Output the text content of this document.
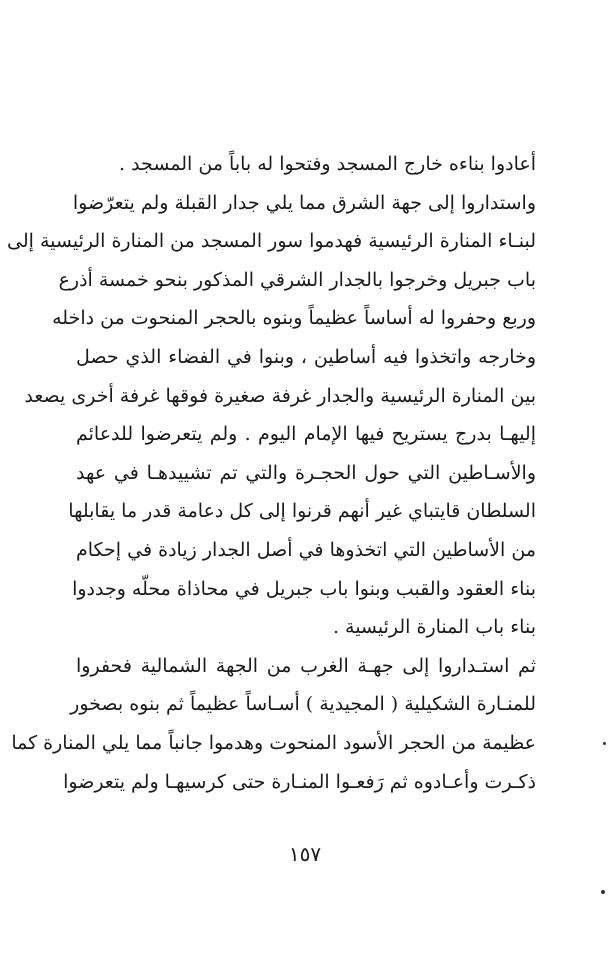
أعادوا بناءه خارج المسجد وفتحوا له باباً من المسجد .
واستداروا إلى جهة الشرق مما يلي جدار القبلة ولم يتعرّضوا
لبنـاء المنارة الرئيسية فهدموا سور المسجد من المنارة الرئيسية إلى
باب جبريل وخرجوا بالجدار الشرقي المذكور بنحو خمسة أذرع
وربع وحفروا له أساساً عظيماً وبنوه بالحجر المنحوت من داخله
وخارجه واتخذوا فيه أساطين ، وبنوا في الفضاء الذي حصل
بين المنارة الرئيسية والجدار غرفة صغيرة فوقها غرفة أخرى يصعد
إليهـا بدرج يستريح فيها الإمام اليوم . ولم يتعرضوا للدعائم
والأسـاطين التي حول الحجـرة والتي تم تشييدهـا في عهد
السلطان قايتباي غير أنهم قرنوا إلى كل دعامة قدر ما يقابلها
من الأساطين التي اتخذوها في أصل الجدار زيادة في إحكام
بناء العقود والقبب وبنوا باب جبريل في محاذاة محلّه وجددوا
بناء باب المنارة الرئيسية .
ثم استـداروا إلى جهـة الغرب من الجهة الشمالية فحفروا
للمنـارة الشكيلية ( المجيدية ) أسـاساً عظيماً ثم بنوه بصخور
عظيمة من الحجر الأسود المنحوت وهدموا جانباً مما يلي المنارة كما
ذكـرت وأعـادوه ثم رَفعـوا المنـارة حتى كرسيهـا ولم يتعرضوا
١٥٧
